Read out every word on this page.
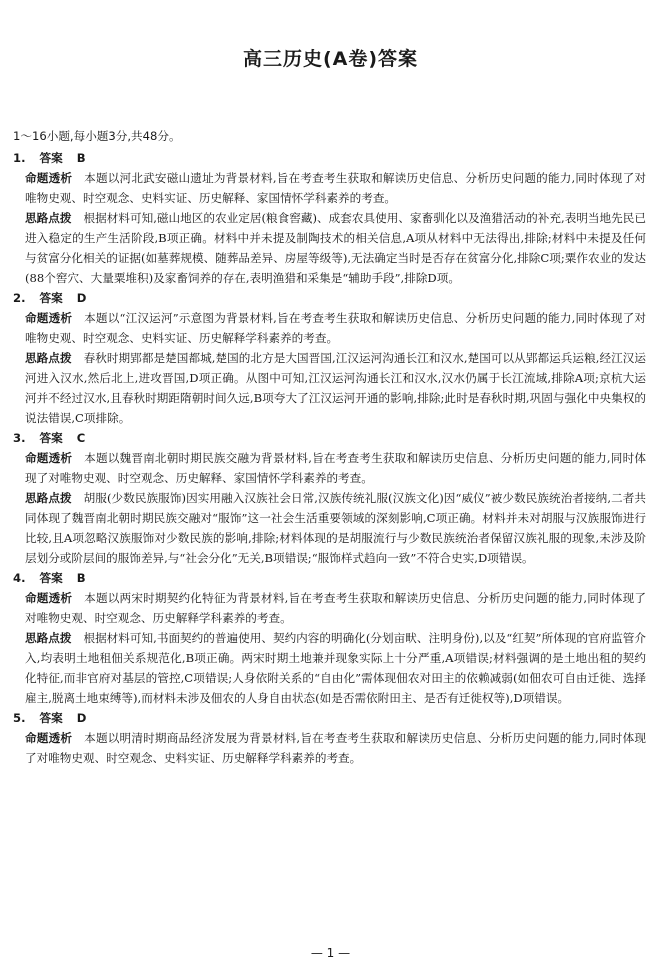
高三历史(A卷)答案
1～16小题,每小题3分,共48分。
1. 答案 B
命题透析 本题以河北武安磁山遗址为背景材料,旨在考查考生获取和解读历史信息、分析历史问题的能力,同时体现了对唯物史观、时空观念、史料实证、历史解释、家国情怀学科素养的考查。
思路点拨 根据材料可知,磁山地区的农业定居(粮食窖藏)、成套农具使用、家畜驯化以及渔猎活动的补充,表明当地先民已进入稳定的生产生活阶段,B项正确。材料中并未提及制陶技术的相关信息,A项从材料中无法得出,排除;材料中未提及任何与贫富分化相关的证据(如墓葬规模、随葬品差异、房屋等级等),无法确定当时是否存在贫富分化,排除C项;粟作农业的发达(88个窖穴、大量粟堆积)及家畜饲养的存在,表明渔猎和采集是“辅助手段”,排除D项。
2. 答案 D
命题透析 本题以“江汉运河”示意图为背景材料,旨在考查考生获取和解读历史信息、分析历史问题的能力,同时体现了对唯物史观、时空观念、史料实证、历史解释学科素养的考查。
思路点拨 春秋时期郢都是楚国都城,楚国的北方是大国晋国,江汉运河沟通长江和汉水,楚国可以从郢都运兵运粮,经江汉运河进入汉水,然后北上,进攻晋国,D项正确。从图中可知,江汉运河沟通长江和汉水,汉水仍属于长江流域,排除A项;京杭大运河并不经过汉水,且春秋时期距隋朝时间久远,B项夸大了江汉运河开通的影响,排除;此时是春秋时期,巩固与强化中央集权的说法错误,C项排除。
3. 答案 C
命题透析 本题以魏晋南北朝时期民族交融为背景材料,旨在考查考生获取和解读历史信息、分析历史问题的能力,同时体现了对唯物史观、时空观念、历史解释、家国情怀学科素养的考查。
思路点拨 胡服(少数民族服饰)因实用融入汉族社会日常,汉族传统礼服(汉族文化)因“威仪”被少数民族统治者接纳,二者共同体现了魏晋南北朝时期民族交融对“服饰”这一社会生活重要领域的深刻影响,C项正确。材料并未对胡服与汉族服饰进行比较,且A项忽略汉族服饰对少数民族的影响,排除;材料体现的是胡服流行与少数民族统治者保留汉族礼服的现象,未涉及阶层划分或阶层间的服饰差异,与“社会分化”无关,B项错误;“服饰样式趋向一致”不符合史实,D项错误。
4. 答案 B
命题透析 本题以两宋时期契约化特征为背景材料,旨在考查考生获取和解读历史信息、分析历史问题的能力,同时体现了对唯物史观、时空观念、历史解释学科素养的考查。
思路点拨 根据材料可知,书面契约的普遍使用、契约内容的明确化(分划亩畎、注明身份),以及“红契”所体现的官府监管介入,均表明土地租佃关系规范化,B项正确。两宋时期土地兼并现象实际上十分严重,A项错误;材料强调的是土地出租的契约化特征,而非官府对基层的管控,C项错误;人身依附关系的“自由化”需体现佃农对田主的依赖减弱(如佃农可自由迁徙、选择雇主,脱离土地束缚等),而材料未涉及佃农的人身自由状态(如是否需依附田主、是否有迁徙权等),D项错误。
5. 答案 D
命题透析 本题以明清时期商品经济发展为背景材料,旨在考查考生获取和解读历史信息、分析历史问题的能力,同时体现了对唯物史观、时空观念、史料实证、历史解释学科素养的考查。
— 1 —
